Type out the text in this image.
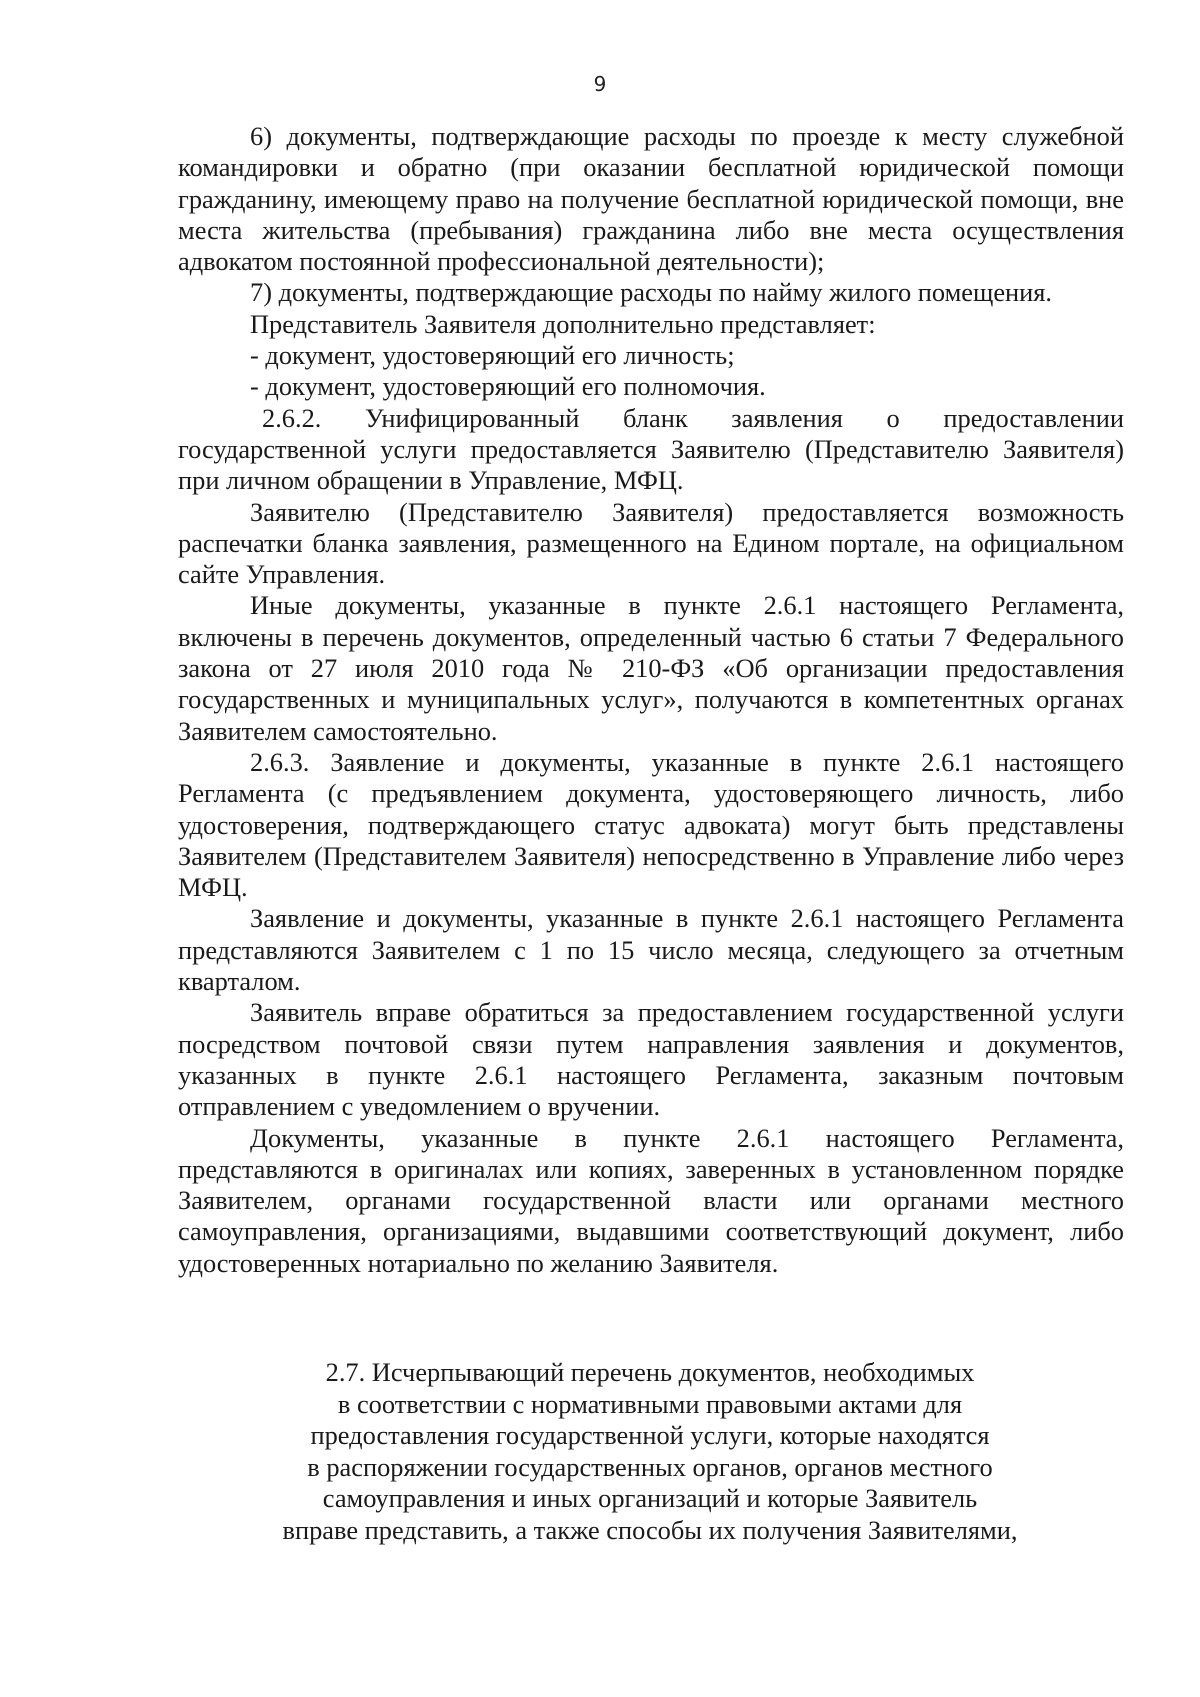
9

6) документы, подтверждающие расходы по проезде к месту служебной командировки и обратно (при оказании бесплатной юридической помощи гражданину, имеющему право на получение бесплатной юридической помощи, вне места жительства (пребывания) гражданина либо вне места осуществления адвокатом постоянной профессиональной деятельности);

7) документы, подтверждающие расходы по найму жилого помещения.

Представитель Заявителя дополнительно представляет:

- документ, удостоверяющий его личность;

- документ, удостоверяющий его полномочия.

2.6.2. Унифицированный бланк заявления о предоставлении государственной услуги предоставляется Заявителю (Представителю Заявителя) при личном обращении в Управление, МФЦ.

Заявителю (Представителю Заявителя) предоставляется возможность распечатки бланка заявления, размещенного на Едином портале, на официальном сайте Управления.

Иные документы, указанные в пункте 2.6.1 настоящего Регламента, включены в перечень документов, определенный частью 6 статьи 7 Федерального закона от 27 июля 2010 года № 210-ФЗ «Об организации предоставления государственных и муниципальных услуг», получаются в компетентных органах Заявителем самостоятельно.

2.6.3. Заявление и документы, указанные в пункте 2.6.1 настоящего Регламента (с предъявлением документа, удостоверяющего личность, либо удостоверения, подтверждающего статус адвоката) могут быть представлены Заявителем (Представителем Заявителя) непосредственно в Управление либо через МФЦ.

Заявление и документы, указанные в пункте 2.6.1 настоящего Регламента представляются Заявителем с 1 по 15 число месяца, следующего за отчетным кварталом.

Заявитель вправе обратиться за предоставлением государственной услуги посредством почтовой связи путем направления заявления и документов, указанных в пункте 2.6.1 настоящего Регламента, заказным почтовым отправлением с уведомлением о вручении.

Документы, указанные в пункте 2.6.1 настоящего Регламента, представляются в оригиналах или копиях, заверенных в установленном порядке Заявителем, органами государственной власти или органами местного самоуправления, организациями, выдавшими соответствующий документ, либо удостоверенных нотариально по желанию Заявителя.

2.7. Исчерпывающий перечень документов, необходимых

в соответствии с нормативными правовыми актами для

предоставления государственной услуги, которые находятся

в распоряжении государственных органов, органов местного

самоуправления и иных организаций и которые Заявитель

вправе представить, а также способы их получения Заявителями,
